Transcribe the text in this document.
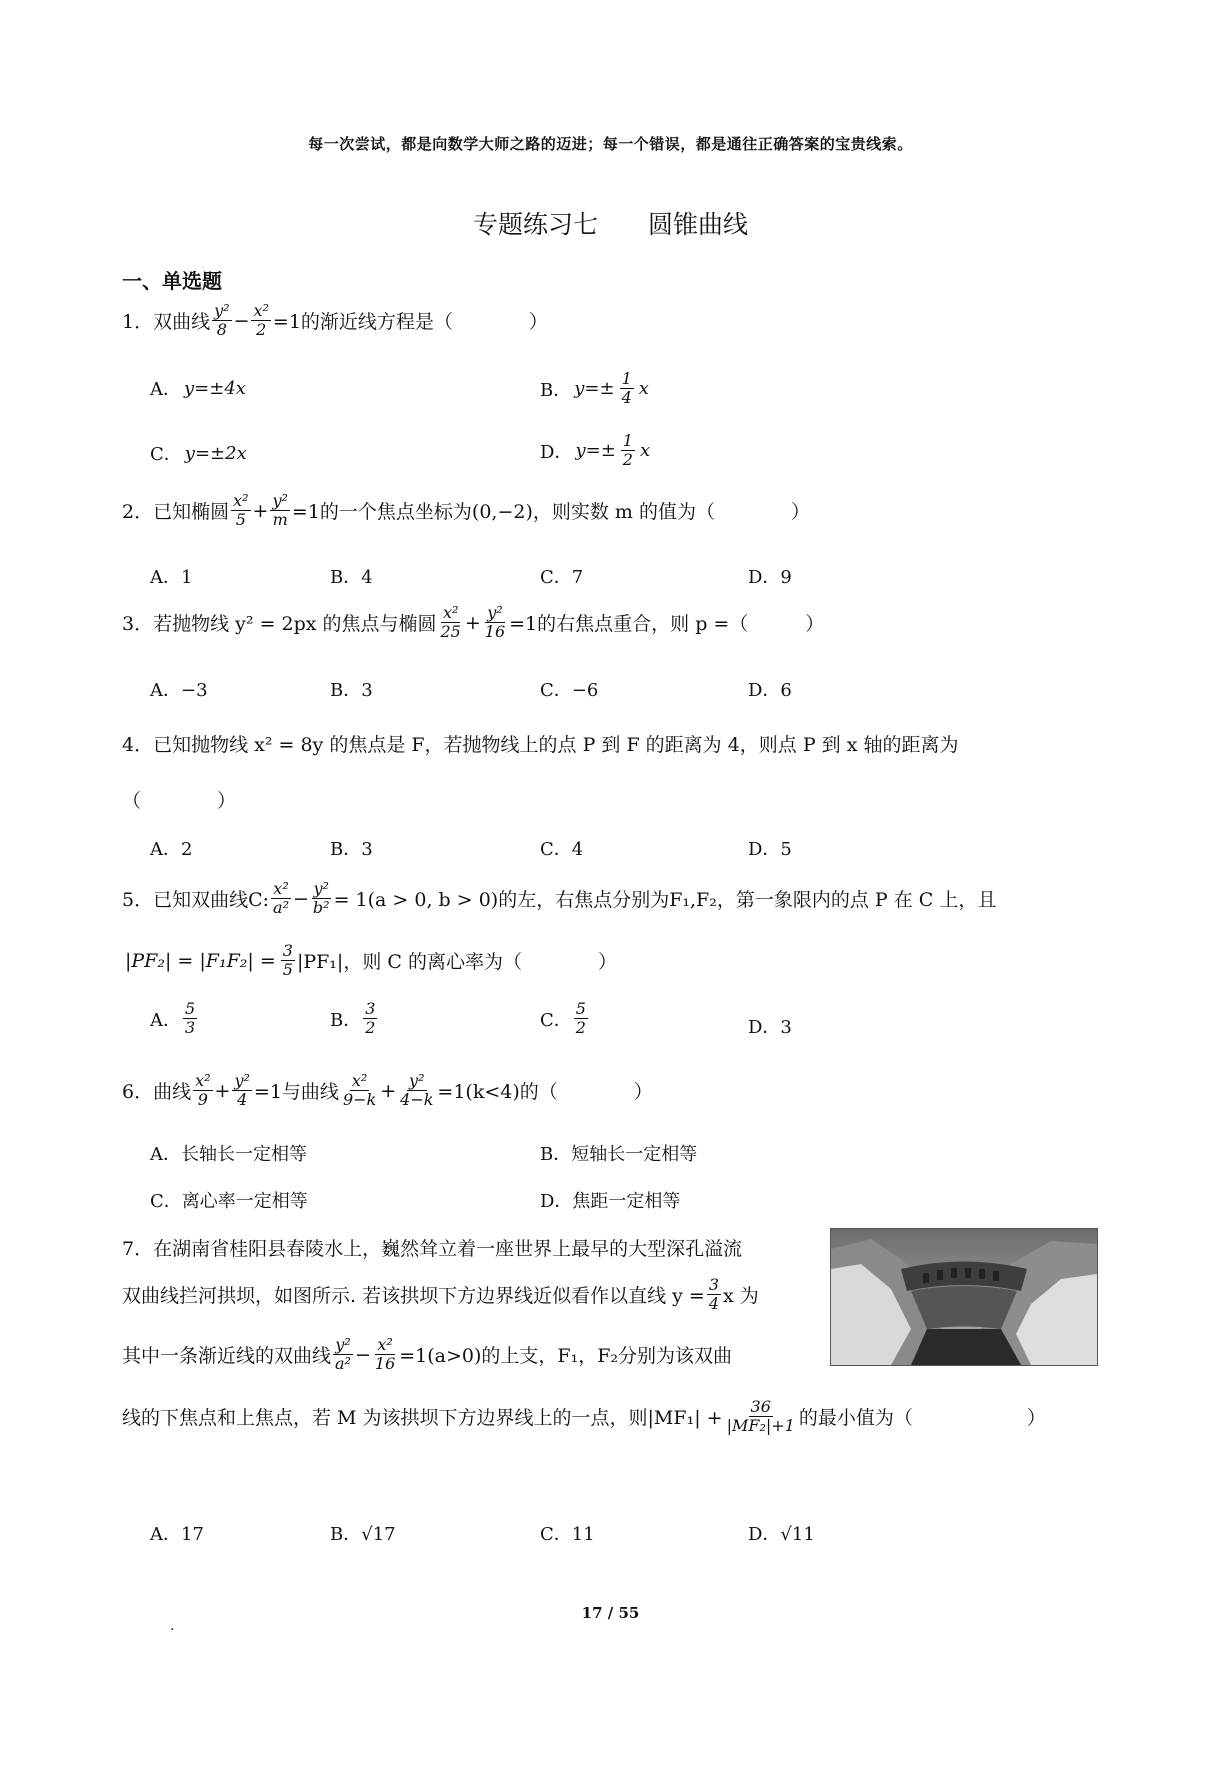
每一次尝试，都是向数学大师之路的迈进；每一个错误，都是通往正确答案的宝贵线索。
专题练习七　　圆锥曲线
一、单选题
1． 双曲线 $\frac{\text{y²}}{8} - \frac{\text{x²}}{2} =1$的渐近线方程是（　　　　）
A． y=±4x	B． $y=\pm \frac{1}{4}$ x
C． y=±2x	D． $y=\pm \frac{1}{2}$ x
2． 已知椭圆 $\frac{\text{x²}}{5} + \frac{\text{y²}}{m} =1$的一个焦点坐标为(0,−2)，则实数 m 的值为（　　　　）
A．1	B．4	C．7	D．9
3． 若抛物线 y² = 2px 的焦点与椭圆 $\frac{\text{x²}}{25} + \frac{\text{y²}}{16} =1$的右焦点重合，则 p =（　　　）
A．−3	B．3	C．−6	D．6
4．已知抛物线 x² = 8y 的焦点是 F，若抛物线上的点 P 到 F 的距离为 4，则点 P 到 x 轴的距离为
（　　　　）
A．2	B．3	C．4	D．5
5． 已知双曲线C: $\frac{\text{x²}}{\text{a²}} - \frac{\text{y²}}{\text{b²}} = 1(a > 0$, b > 0)的左，右焦点分别为F₁,F₂，第一象限内的点 P 在 C 上，且
$|PF_2| = |F_1F_2| = \frac{3}{5} |PF_1|$，则 C 的离心率为（　　　　）
A． $\frac{5}{3}$	B． $\frac{3}{2}$	C． $\frac{5}{2}$	D．3
6． 曲线 $\frac{\text{x²}}{9} + \frac{\text{y²}}{4} =1$与曲线 $\frac{\text{x²}}{9-k} + \frac{\text{y²}}{4-k} =1(k<4)$的（　　　　）
A．长轴长一定相等	B．短轴长一定相等
C．离心率一定相等	D．焦距一定相等
7．在湖南省桂阳县春陵水上，巍然耸立着一座世界上最早的大型深孔溢流
双曲线拦河拱坝，如图所示. 若该拱坝下方边界线近似看作以直线 $y = \frac{3}{4}$ x 为
其中一条渐近线的双曲线 $\frac{\text{y²}}{\text{a²}} - \frac{\text{x²}}{16} =1(a>0)$的上支，F₁，F₂分别为该双曲
线的下焦点和上焦点，若 M 为该拱坝下方边界线上的一点，则$|MF_1| + \frac{36}{\text{|MF₂|+1}}$ 的最小值为（　　　　　　）
A．17	B．√17	C．11	D．√11
17 / 55
.
